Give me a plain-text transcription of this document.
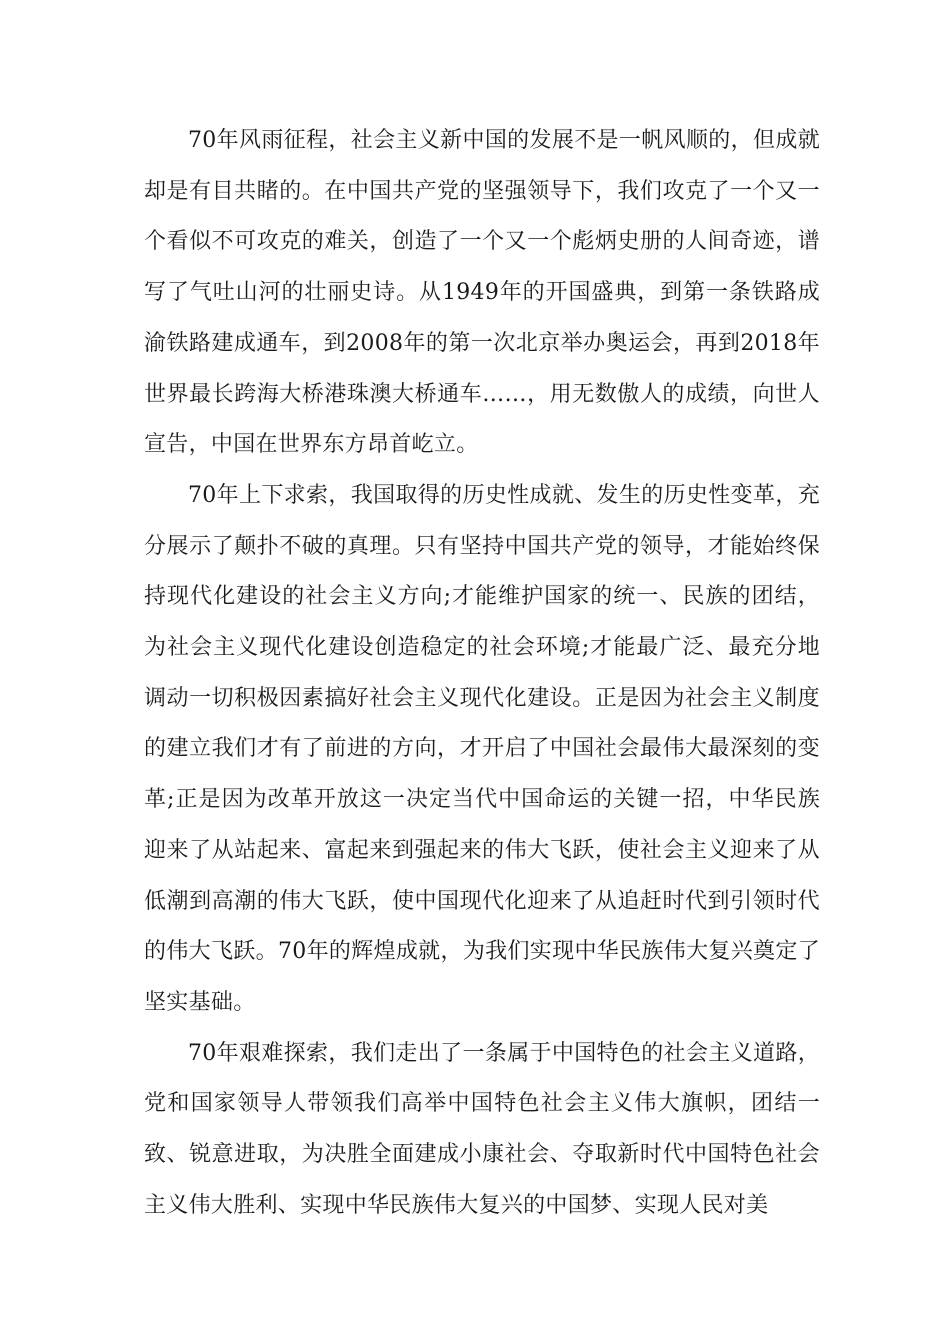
70年风雨征程，社会主义新中国的发展不是一帆风顺的，但成就却是有目共睹的。在中国共产党的坚强领导下，我们攻克了一个又一个看似不可攻克的难关，创造了一个又一个彪炳史册的人间奇迹，谱写了气吐山河的壮丽史诗。从1949年的开国盛典，到第一条铁路成渝铁路建成通车，到2008年的第一次北京举办奥运会，再到2018年世界最长跨海大桥港珠澳大桥通车……，用无数傲人的成绩，向世人宣告，中国在世界东方昂首屹立。

70年上下求索，我国取得的历史性成就、发生的历史性变革，充分展示了颠扑不破的真理。只有坚持中国共产党的领导，才能始终保持现代化建设的社会主义方向;才能维护国家的统一、民族的团结，为社会主义现代化建设创造稳定的社会环境;才能最广泛、最充分地调动一切积极因素搞好社会主义现代化建设。正是因为社会主义制度的建立我们才有了前进的方向，才开启了中国社会最伟大最深刻的变革;正是因为改革开放这一决定当代中国命运的关键一招，中华民族迎来了从站起来、富起来到强起来的伟大飞跃，使社会主义迎来了从低潮到高潮的伟大飞跃，使中国现代化迎来了从追赶时代到引领时代的伟大飞跃。70年的辉煌成就，为我们实现中华民族伟大复兴奠定了坚实基础。

70年艰难探索，我们走出了一条属于中国特色的社会主义道路，党和国家领导人带领我们高举中国特色社会主义伟大旗帜，团结一致、锐意进取，为决胜全面建成小康社会、夺取新时代中国特色社会主义伟大胜利、实现中华民族伟大复兴的中国梦、实现人民对美
